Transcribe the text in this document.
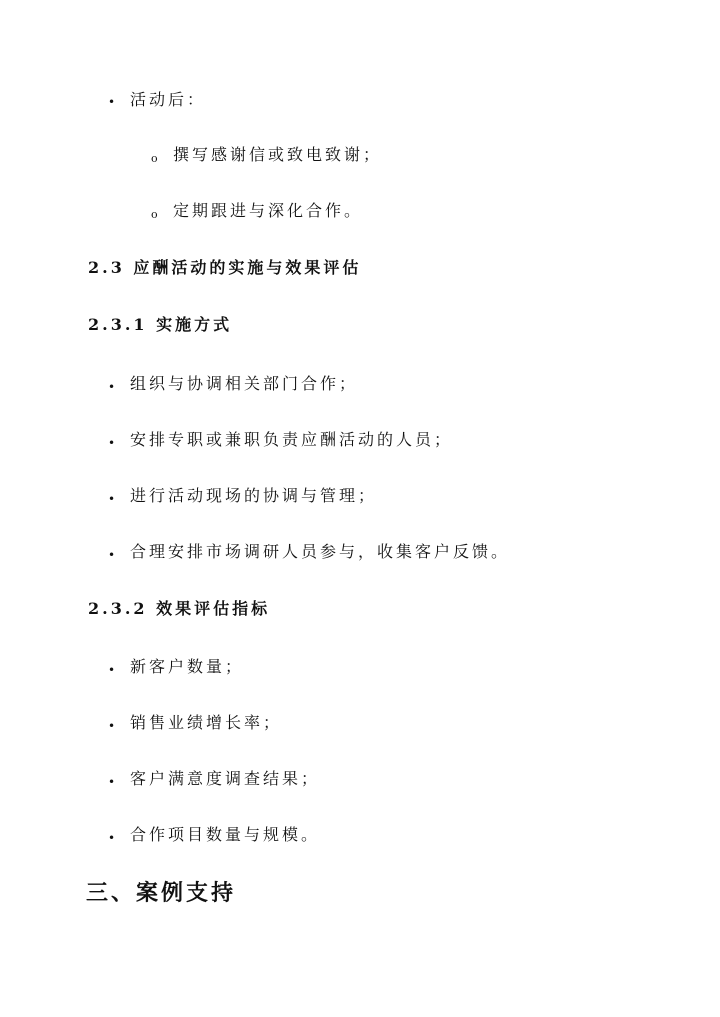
•
活动后：
o
撰写感谢信或致电致谢；
o
定期跟进与深化合作。
2.3 应酬活动的实施与效果评估
2.3.1 实施方式
•
组织与协调相关部门合作；
•
安排专职或兼职负责应酬活动的人员；
•
进行活动现场的协调与管理；
•
合理安排市场调研人员参与，收集客户反馈。
2.3.2 效果评估指标
•
新客户数量；
•
销售业绩增长率；
•
客户满意度调查结果；
•
合作项目数量与规模。
三、案例支持
